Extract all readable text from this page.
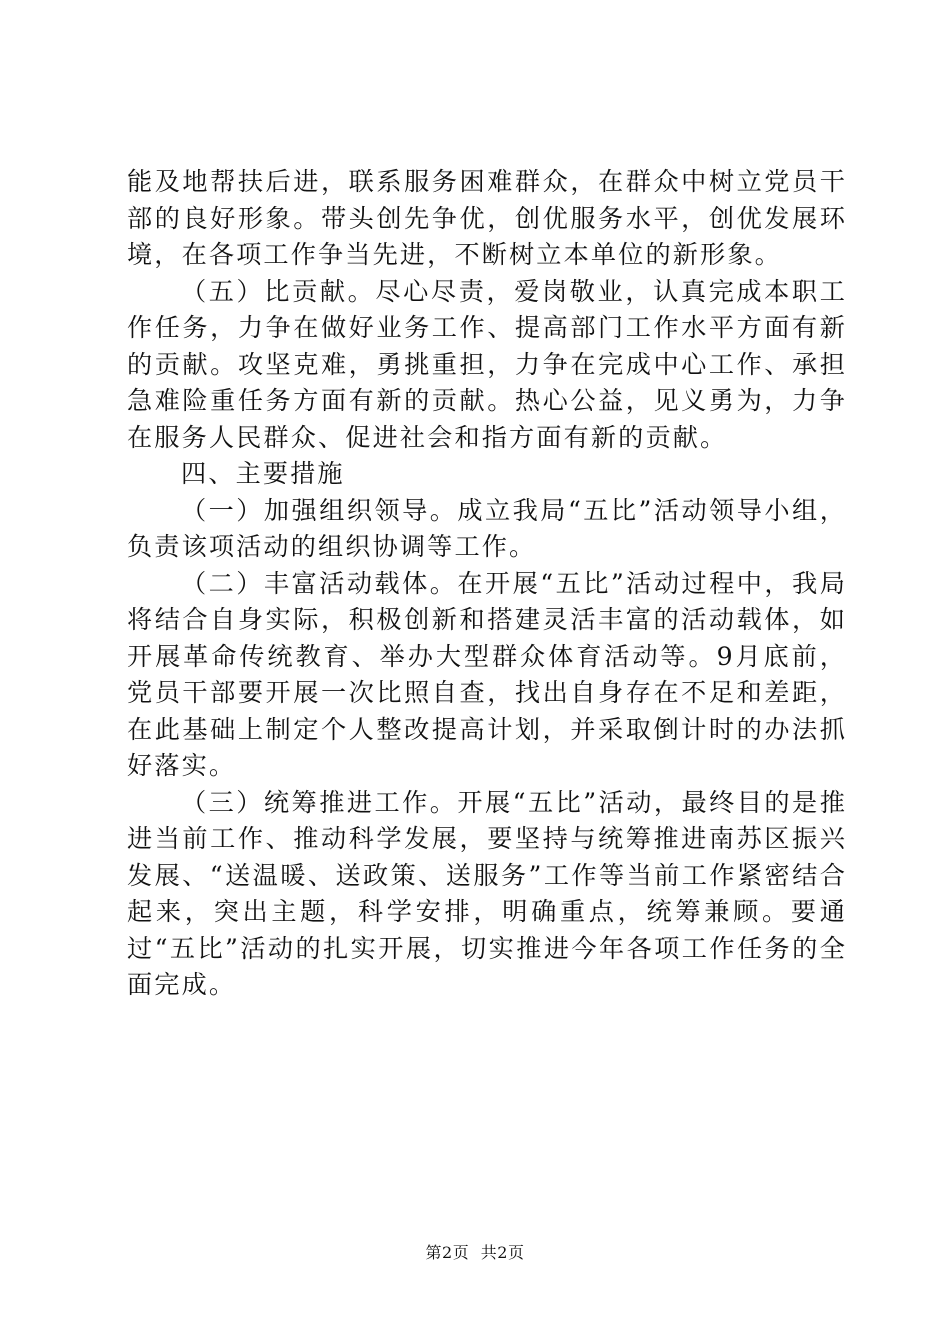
能及地帮扶后进，联系服务困难群众，在群众中树立党员干部的良好形象。带头创先争优，创优服务水平，创优发展环境，在各项工作争当先进，不断树立本单位的新形象。

（五）比贡献。尽心尽责，爱岗敬业，认真完成本职工作任务，力争在做好业务工作、提高部门工作水平方面有新的贡献。攻坚克难，勇挑重担，力争在完成中心工作、承担急难险重任务方面有新的贡献。热心公益，见义勇为，力争在服务人民群众、促进社会和指方面有新的贡献。

四、主要措施

（一）加强组织领导。成立我局“五比”活动领导小组，负责该项活动的组织协调等工作。

（二）丰富活动载体。在开展“五比”活动过程中，我局将结合自身实际，积极创新和搭建灵活丰富的活动载体，如开展革命传统教育、举办大型群众体育活动等。9月底前，党员干部要开展一次比照自查，找出自身存在不足和差距，在此基础上制定个人整改提高计划，并采取倒计时的办法抓好落实。

（三）统筹推进工作。开展“五比”活动，最终目的是推进当前工作、推动科学发展，要坚持与统筹推进南苏区振兴发展、“送温暖、送政策、送服务”工作等当前工作紧密结合起来，突出主题，科学安排，明确重点，统筹兼顾。要通过“五比”活动的扎实开展，切实推进今年各项工作任务的全面完成。

第2页 共2页
